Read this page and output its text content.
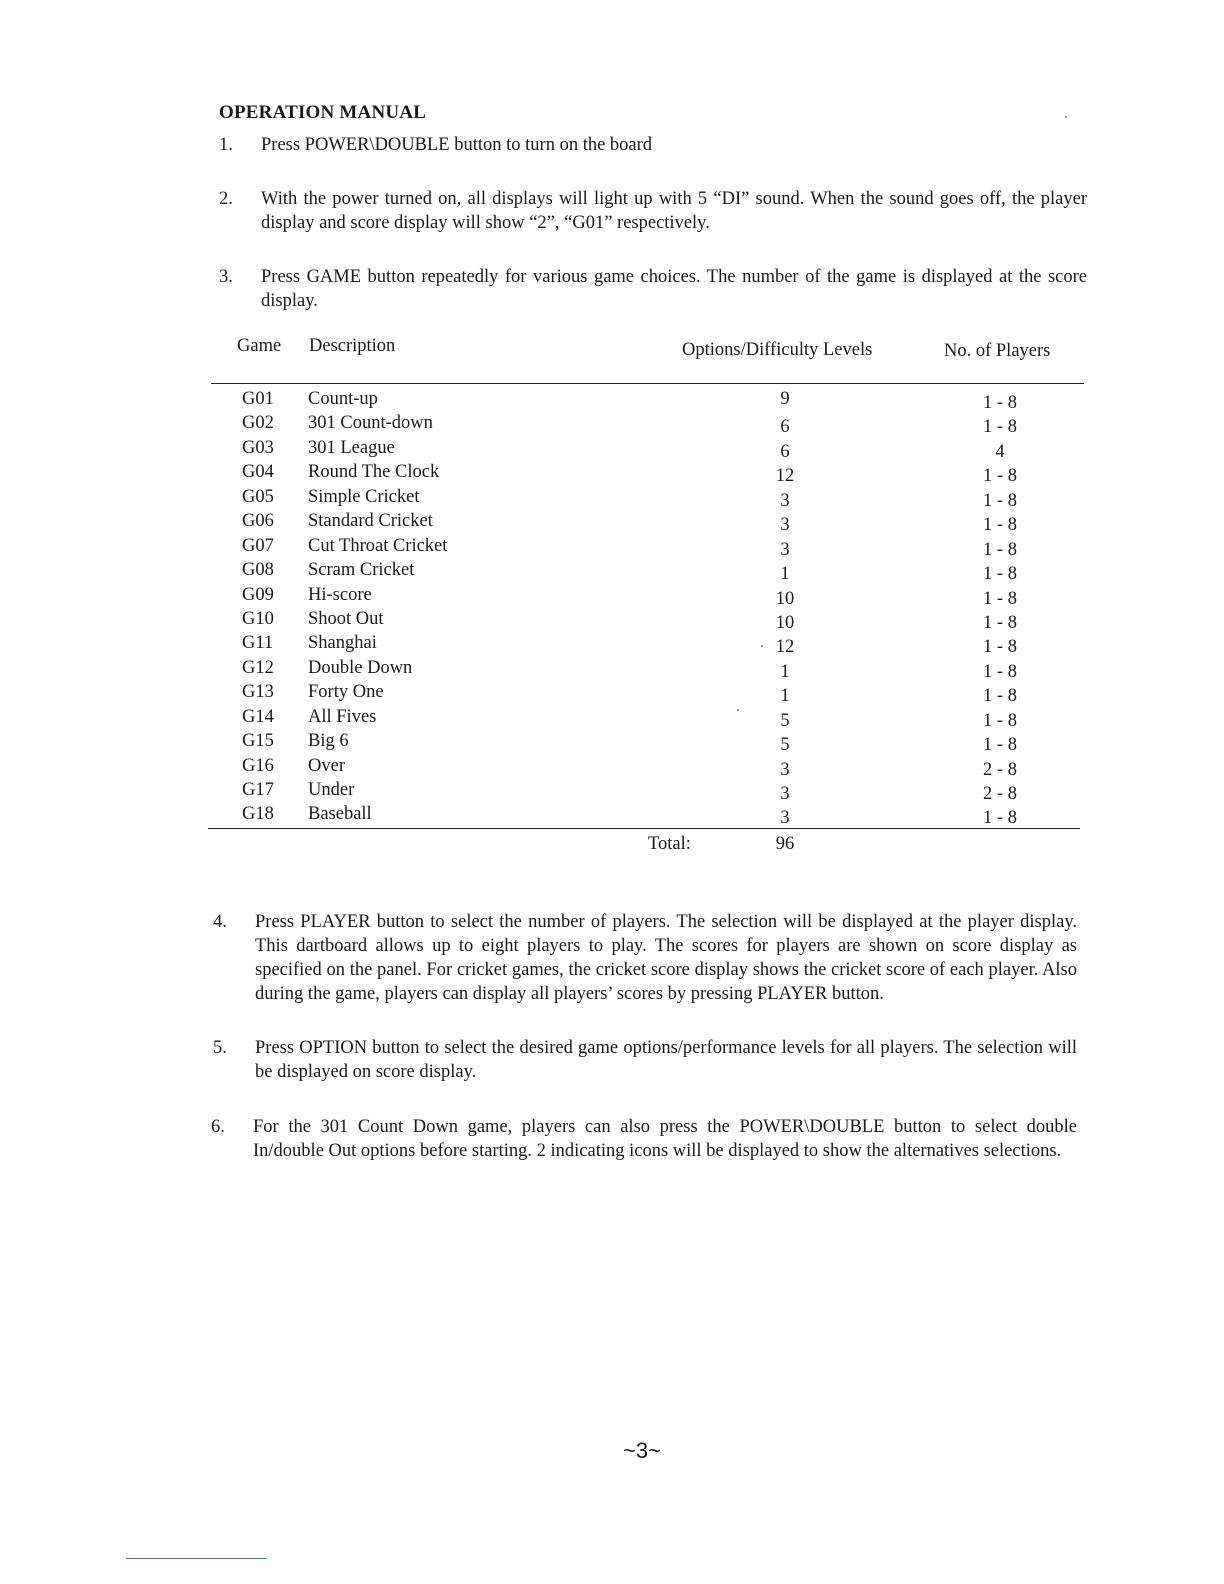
OPERATION MANUAL
1.	Press POWER\DOUBLE button to turn on the board
2.	With the power turned on, all displays will light up with 5 “DI” sound. When the sound goes off, the player display and score display will show “2”, “G01” respectively.
3.	Press GAME button repeatedly for various game choices. The number of the game is displayed at the score display.
Game Description	Options/Difficulty Levels	No. of Players
G01 Count-up	9	1 - 8
G02 301 Count-down	6	1 - 8
G03 301 League	6	4
G04 Round The Clock	12	1 - 8
G05 Simple Cricket	3	1 - 8
G06 Standard Cricket	3	1 - 8
G07 Cut Throat Cricket	3	1 - 8
G08 Scram Cricket	1	1 - 8
G09 Hi-score	10	1 - 8
G10 Shoot Out	10	1 - 8
G11 Shanghai	12	1 - 8
G12 Double Down	1	1 - 8
G13 Forty One	1	1 - 8
G14 All Fives	5	1 - 8
G15 Big 6	5	1 - 8
G16 Over	3	2 - 8
G17 Under	3	2 - 8
G18 Baseball	3	1 - 8
Total:	96
4.	Press PLAYER button to select the number of players. The selection will be displayed at the player display. This dartboard allows up to eight players to play. The scores for players are shown on score display as specified on the panel. For cricket games, the cricket score display shows the cricket score of each player. Also during the game, players can display all players’ scores by pressing PLAYER button.
5.	Press OPTION button to select the desired game options/performance levels for all players. The selection will be displayed on score display.
6.	For the 301 Count Down game, players can also press the POWER\DOUBLE button to select double In/double Out options before starting. 2 indicating icons will be displayed to show the alternatives selections.
~3~
